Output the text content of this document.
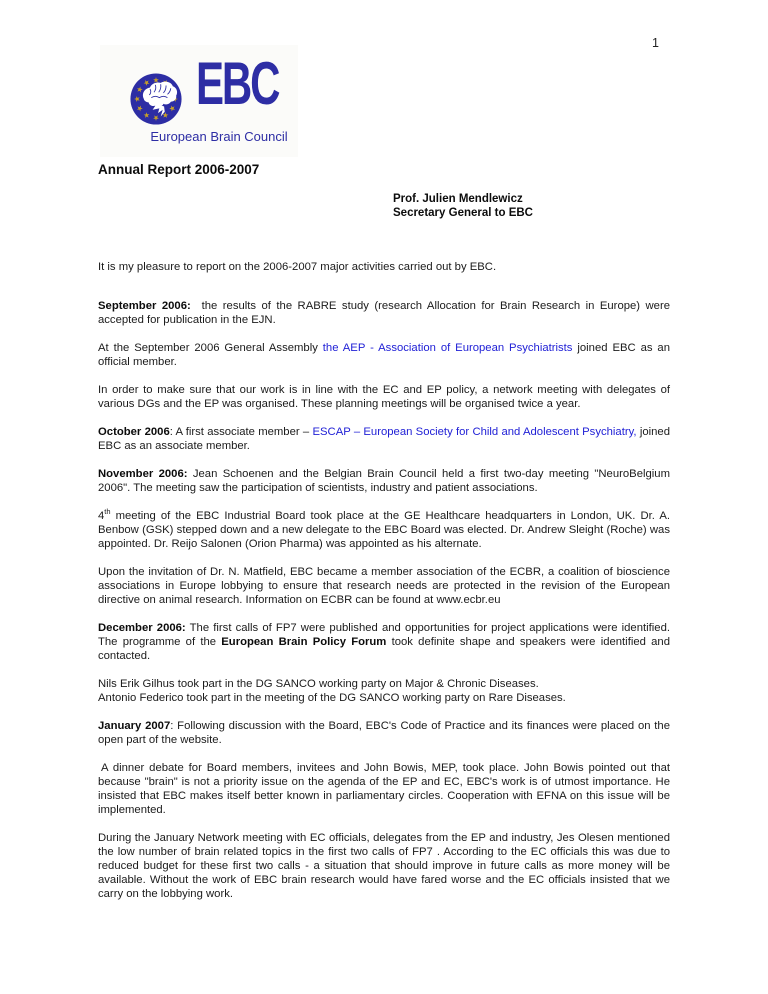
1
EBC
European Brain Council
Annual Report 2006-2007
Prof. Julien Mendlewicz
Secretary General to EBC

It is my pleasure to report on the 2006-2007 major activities carried out by EBC.

September 2006:  the results of the RABRE study (research Allocation for Brain Research in Europe) were accepted for publication in the EJN.

At the September 2006 General Assembly the AEP - Association of European Psychiatrists joined EBC as an official member.

In order to make sure that our work is in line with the EC and EP policy, a network meeting with delegates of various DGs and the EP was organised. These planning meetings will be organised twice a year.

October 2006: A first associate member – ESCAP – European Society for Child and Adolescent Psychiatry, joined EBC as an associate member.

November 2006: Jean Schoenen and the Belgian Brain Council held a first two-day meeting "NeuroBelgium 2006". The meeting saw the participation of scientists, industry and patient associations.

4th meeting of the EBC Industrial Board took place at the GE Healthcare headquarters in London, UK. Dr. A. Benbow (GSK) stepped down and a new delegate to the EBC Board was elected. Dr. Andrew Sleight (Roche) was appointed. Dr. Reijo Salonen (Orion Pharma) was appointed as his alternate.

Upon the invitation of Dr. N. Matfield, EBC became a member association of the ECBR, a coalition of bioscience associations in Europe lobbying to ensure that research needs are protected in the revision of the European directive on animal research. Information on ECBR can be found at www.ecbr.eu

December 2006: The first calls of FP7 were published and opportunities for project applications were identified. The programme of the European Brain Policy Forum took definite shape and speakers were identified and contacted.

Nils Erik Gilhus took part in the DG SANCO working party on Major & Chronic Diseases.

Antonio Federico took part in the meeting of the DG SANCO working party on Rare Diseases.

January 2007: Following discussion with the Board, EBC's Code of Practice and its finances were placed on the open part of the website.

A dinner debate for Board members, invitees and John Bowis, MEP, took place. John Bowis pointed out that because "brain" is not a priority issue on the agenda of the EP and EC, EBC's work is of utmost importance. He insisted that EBC makes itself better known in parliamentary circles. Cooperation with EFNA on this issue will be implemented.

During the January Network meeting with EC officials, delegates from the EP and industry, Jes Olesen mentioned the low number of brain related topics in the first two calls of FP7 . According to the EC officials this was due to reduced budget for these first two calls - a situation that should improve in future calls as more money will be available. Without the work of EBC brain research would have fared worse and the EC officials insisted that we carry on the lobbying work.
